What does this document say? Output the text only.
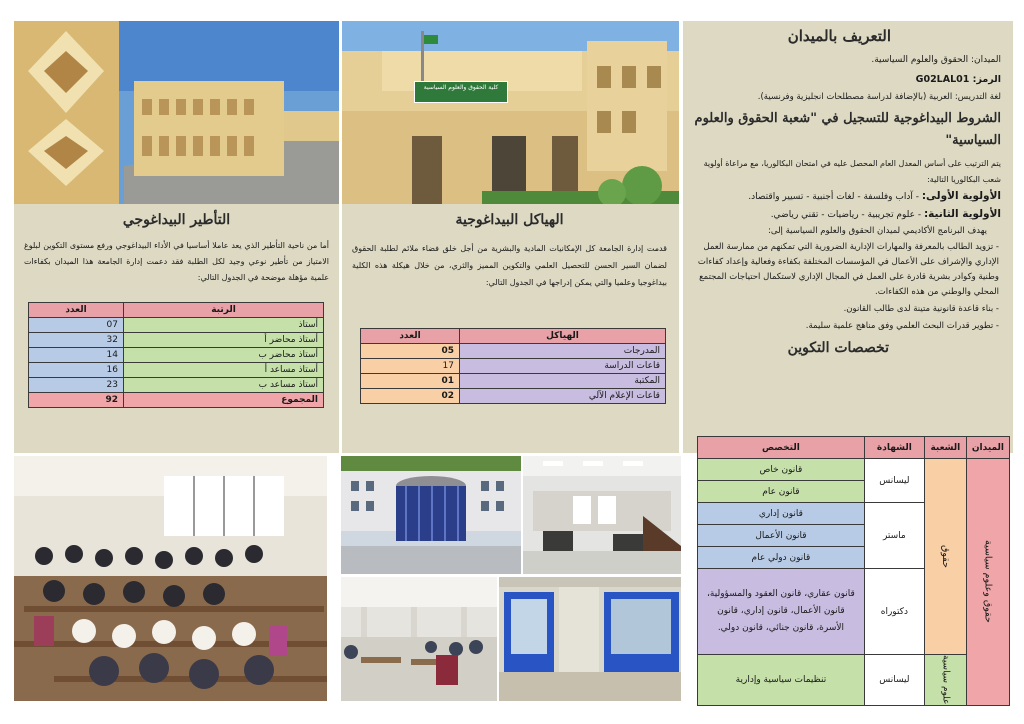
كلية الحقوق والعلوم السياسية
التعريف بالميدان
الميدان: الحقوق والعلوم السياسية.
الرمز: G02LAL01
لغة التدريس: العربية (بالإضافة لدراسة مصطلحات انجليزية وفرنسية).
الشروط البيداغوجية للتسجيل في "شعبة الحقوق والعلوم السياسية"
يتم الترتيب على أساس المعدل العام المحصل عليه في امتحان البكالوريا، مع مراعاة أولوية شعب البكالوريا التالية:
الأولوية الأولى: - آداب وفلسفة - لغات أجنبية - تسيير واقتصاد.
الأولوية الثانية: - علوم تجريبية - رياضيات - تقني رياضي.
يهدف البرنامج الأكاديمي لميدان الحقوق والعلوم السياسية إلى:
- تزويد الطالب بالمعرفة والمهارات الإدارية الضرورية التي تمكنهم من ممارسة العمل الإداري والإشراف على الأعمال في المؤسسات المختلفة بكفاءة وفعالية وإعداد كفاءات وطنية وكوادر بشرية قادرة على العمل في المجال الإداري لاستكمال احتياجات المجتمع المحلي والوطني من هذه الكفاءات.
- بناء قاعدة قانونية متينة لدى طالب القانون.
- تطوير قدرات البحث العلمي وفق مناهج علمية سليمة.
تخصصات التكوين
الهياكل البيداغوجية
قدمت إدارة الجامعة كل الإمكانيات المادية والبشرية من أجل خلق فضاء ملائم لطلبة الحقوق لضمان السير الحسن للتحصيل العلمي والتكوين المميز والثري، من خلال هيكلة هذه الكلية بيداغوجيا وعلميا والتي يمكن إدراجها في الجدول التالي:
الهياكل	العدد
المدرجات	05
قاعات الدراسة	17
المكتبة	01
قاعات الإعلام الآلي	02
التأطير البيداغوجي
أما من ناحية التأطير الذي يعد عاملا أساسيا في الأداء البيداغوجي ورفع مستوى التكوين لبلوغ الامتياز من تأطير نوعي وجيد لكل الطلبة فقد دعمت إدارة الجامعة هذا الميدان بكفاءات علمية مؤهلة موضحة في الجدول التالي:
الرتبة	العدد
أستاذ	07
أستاذ محاضر أ	32
أستاذ محاضر ب	14
أستاذ مساعد أ	16
أستاذ مساعد ب	23
المجموع	92
الميدان	الشعبة	الشهادة	التخصص

حقوق وعلوم سياسية	حقوق	ليسانس	قانون خاص
			قانون عام
		ماستر	قانون إداري
			قانون الأعمال
			قانون دولي عام
		دكتوراه	قانون عقاري، قانون العقود والمسؤولية، قانون الأعمال، قانون إداري، قانون الأسرة، قانون جنائي، قانون دولي.

	علوم سياسية	ليسانس	تنظيمات سياسية وإدارية
